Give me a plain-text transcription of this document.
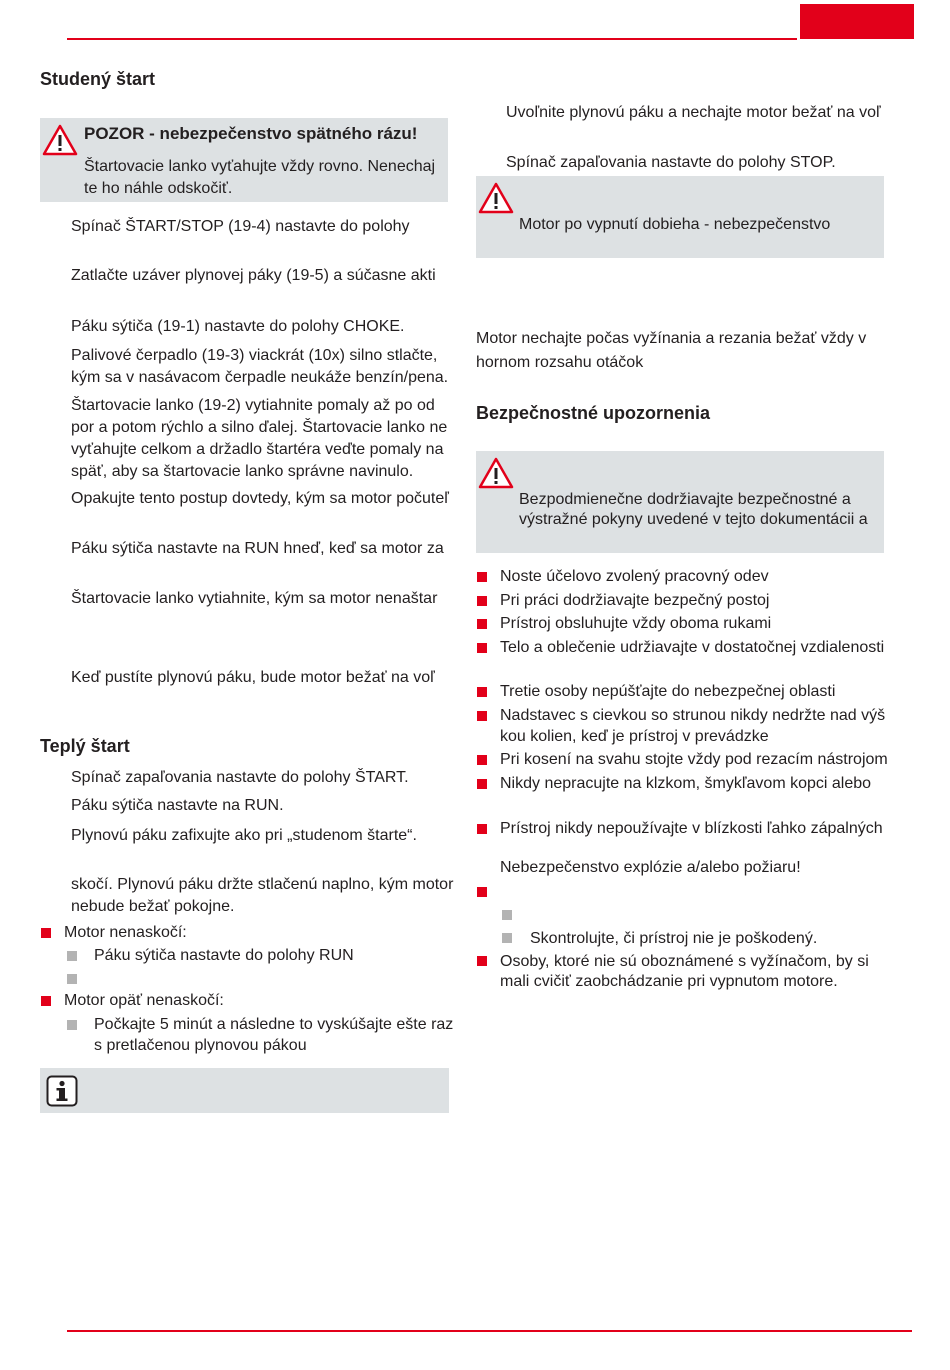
Studený štart
POZOR - nebezpečenstvo spätného rázu!
Štartovacie lanko vyťahujte vždy rovno. Nenechaj
te ho náhle odskočiť.
Spínač ŠTART/STOP (19-4) nastavte do polohy
Zatlačte uzáver plynovej páky (19-5) a súčasne akti
Páku sýtiča (19-1) nastavte do polohy CHOKE.
Palivové čerpadlo (19-3) viackrát (10x) silno stlačte,
kým sa v nasávacom čerpadle neukáže benzín/pena.
Štartovacie lanko (19-2) vytiahnite pomaly až po od
por a potom rýchlo a silno ďalej. Štartovacie lanko ne
vyťahujte celkom a držadlo štartéra veďte pomaly na
späť, aby sa štartovacie lanko správne navinulo.
Opakujte tento postup dovtedy, kým sa motor počuteľ
Páku sýtiča nastavte na RUN hneď, keď sa motor za
Štartovacie lanko vytiahnite, kým sa motor nenaštar
Keď pustíte plynovú páku, bude motor bežať na voľ
Teplý štart
Spínač zapaľovania nastavte do polohy ŠTART.
Páku sýtiča nastavte na RUN.
Plynovú páku zafixujte ako pri „studenom štarte“.
skočí. Plynovú páku držte stlačenú naplno, kým motor
nebude bežať pokojne.
Motor nenaskočí:
Páku sýtiča nastavte do polohy RUN
Motor opäť nenaskočí:
Počkajte 5 minút a následne to vyskúšajte ešte raz
s pretlačenou plynovou pákou
Uvoľnite plynovú páku a nechajte motor bežať na voľ
Spínač zapaľovania nastavte do polohy STOP.
Motor po vypnutí dobieha - nebezpečenstvo
Motor nechajte počas vyžínania a rezania bežať vždy v
hornom rozsahu otáčok
Bezpečnostné upozornenia
Bezpodmienečne dodržiavajte bezpečnostné a
výstražné pokyny uvedené v tejto dokumentácii a
Noste účelovo zvolený pracovný odev
Pri práci dodržiavajte bezpečný postoj
Prístroj obsluhujte vždy oboma rukami
Telo a oblečenie udržiavajte v dostatočnej vzdialenosti
Tretie osoby nepúšťajte do nebezpečnej oblasti
Nadstavec s cievkou so strunou nikdy nedržte nad výš
kou kolien, keď je prístroj v prevádzke
Pri kosení na svahu stojte vždy pod rezacím nástrojom
Nikdy nepracujte na klzkom, šmykľavom kopci alebo
Prístroj nikdy nepoužívajte v blízkosti ľahko zápalných
Nebezpečenstvo explózie a/alebo požiaru!
Skontrolujte, či prístroj nie je poškodený.
Osoby, ktoré nie sú oboznámené s vyžínačom, by si
mali cvičiť zaobchádzanie pri vypnutom motore.
